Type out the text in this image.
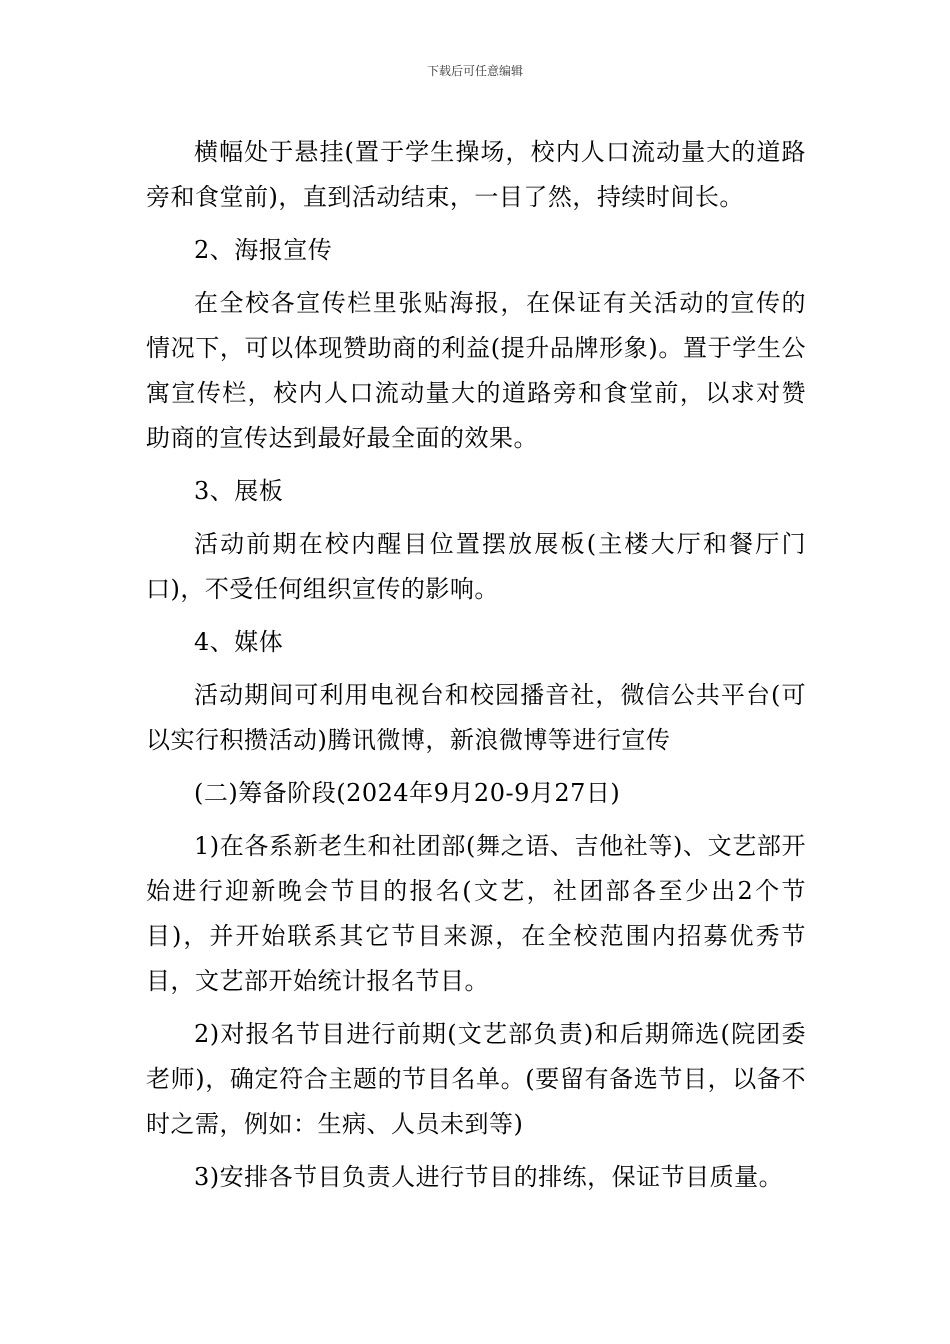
下载后可任意编辑

横幅处于悬挂(置于学生操场，校内人口流动量大的道路旁和食堂前)，直到活动结束，一目了然，持续时间长。

2、海报宣传

在全校各宣传栏里张贴海报，在保证有关活动的宣传的情况下，可以体现赞助商的利益(提升品牌形象)。置于学生公寓宣传栏，校内人口流动量大的道路旁和食堂前，以求对赞助商的宣传达到最好最全面的效果。

3、展板

活动前期在校内醒目位置摆放展板(主楼大厅和餐厅门口)，不受任何组织宣传的影响。

4、媒体

活动期间可利用电视台和校园播音社，微信公共平台(可以实行积攒活动)腾讯微博，新浪微博等进行宣传

(二)筹备阶段(2024年9月20-9月27日)

1)在各系新老生和社团部(舞之语、吉他社等)、文艺部开始进行迎新晚会节目的报名(文艺，社团部各至少出2个节目)，并开始联系其它节目来源，在全校范围内招募优秀节目，文艺部开始统计报名节目。

2)对报名节目进行前期(文艺部负责)和后期筛选(院团委老师)，确定符合主题的节目名单。(要留有备选节目，以备不时之需，例如：生病、人员未到等)

3)安排各节目负责人进行节目的排练，保证节目质量。
